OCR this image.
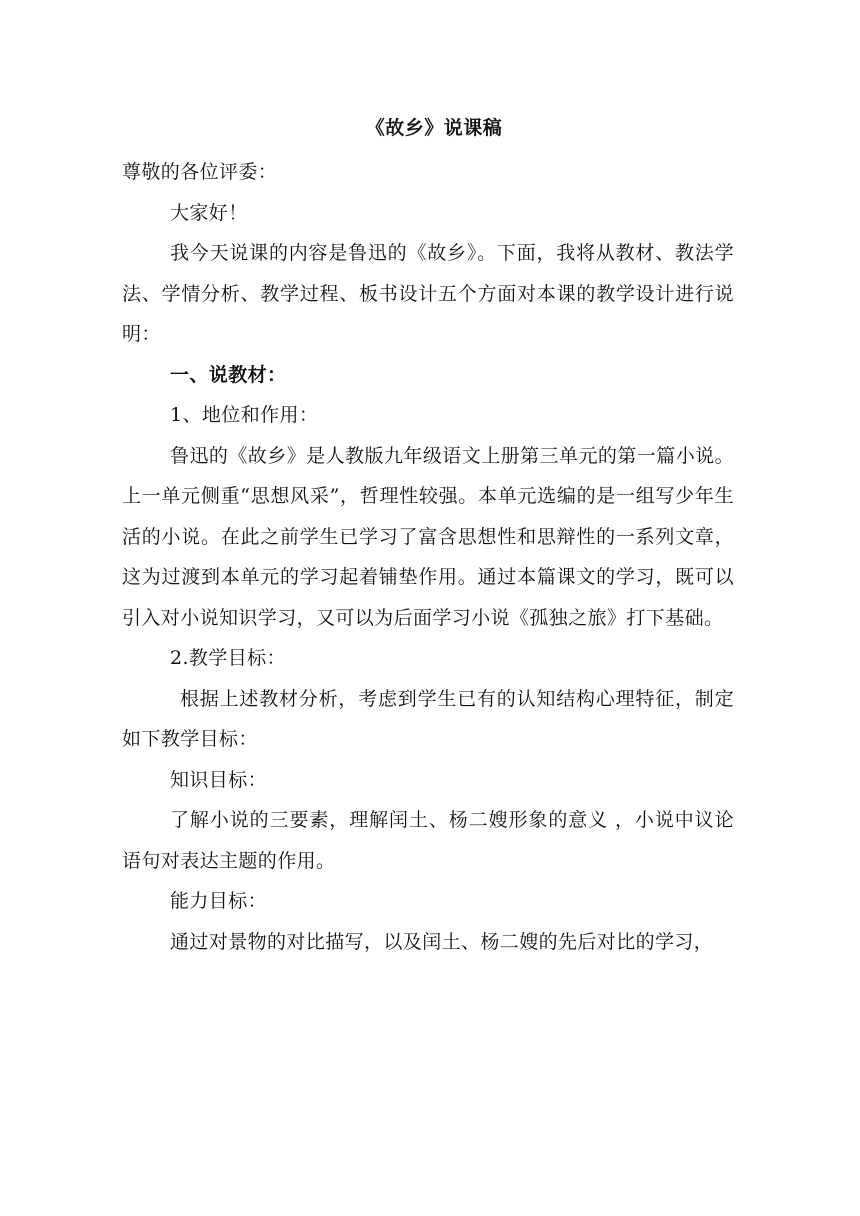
《故乡》说课稿

尊敬的各位评委：

大家好！

我今天说课的内容是鲁迅的《故乡》。下面，我将从教材、教法学法、学情分析、教学过程、板书设计五个方面对本课的教学设计进行说明：

一、说教材：

1、地位和作用：

鲁迅的《故乡》是人教版九年级语文上册第三单元的第一篇小说。上一单元侧重“思想风采”，哲理性较强。本单元选编的是一组写少年生活的小说。在此之前学生已学习了富含思想性和思辩性的一系列文章，这为过渡到本单元的学习起着铺垫作用。通过本篇课文的学习，既可以引入对小说知识学习，又可以为后面学习小说《孤独之旅》打下基础。

2.教学目标：

根据上述教材分析，考虑到学生已有的认知结构心理特征，制定如下教学目标：

知识目标：

了解小说的三要素，理解闰土、杨二嫂形象的意义 ，小说中议论语句对表达主题的作用。

能力目标：

通过对景物的对比描写，以及闰土、杨二嫂的先后对比的学习，
